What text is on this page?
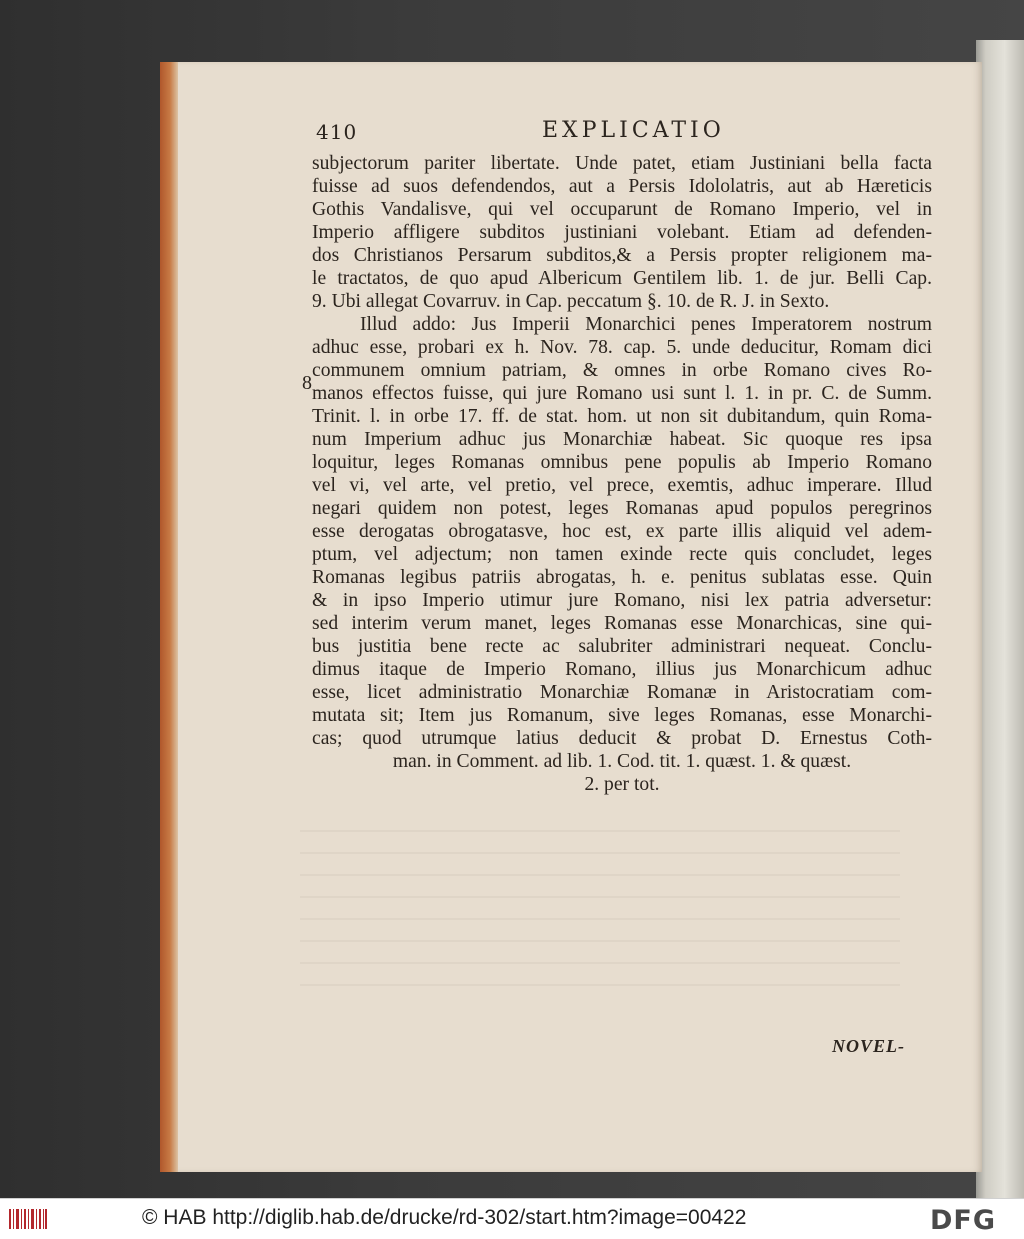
410	EXPLICATIO
8
subjectorum pariter libertate. Unde patet, etiam Justiniani bella facta
fuisse ad suos defendendos, aut a Persis Idololatris, aut ab Hæreticis
Gothis Vandalisve, qui vel occuparunt de Romano Imperio, vel in
Imperio affligere subditos justiniani volebant. Etiam ad defenden-
dos Christianos Persarum subditos,& a Persis propter religionem ma-
le tractatos, de quo apud Albericum Gentilem lib. 1. de jur. Belli Cap.
9. Ubi allegat Covarruv. in Cap. peccatum §. 10. de R. J. in Sexto.
Illud addo: Jus Imperii Monarchici penes Imperatorem nostrum
adhuc esse, probari ex h. Nov. 78. cap. 5. unde deducitur, Romam dici
communem omnium patriam, & omnes in orbe Romano cives Ro-
manos effectos fuisse, qui jure Romano usi sunt l. 1. in pr. C. de Summ.
Trinit. l. in orbe 17. ff. de stat. hom. ut non sit dubitandum, quin Roma-
num Imperium adhuc jus Monarchiæ habeat. Sic quoque res ipsa
loquitur, leges Romanas omnibus pene populis ab Imperio Romano
vel vi, vel arte, vel pretio, vel prece, exemtis, adhuc imperare. Illud
negari quidem non potest, leges Romanas apud populos peregrinos
esse derogatas obrogatasve, hoc est, ex parte illis aliquid vel adem-
ptum, vel adjectum; non tamen exinde recte quis concludet, leges
Romanas legibus patriis abrogatas, h. e. penitus sublatas esse. Quin
& in ipso Imperio utimur jure Romano, nisi lex patria adversetur:
sed interim verum manet, leges Romanas esse Monarchicas, sine qui-
bus justitia bene recte ac salubriter administrari nequeat. Conclu-
dimus itaque de Imperio Romano, illius jus Monarchicum adhuc
esse, licet administratio Monarchiæ Romanæ in Aristocratiam com-
mutata sit; Item jus Romanum, sive leges Romanas, esse Monarchi-
cas; quod utrumque latius deducit & probat D. Ernestus Coth-
man. in Comment. ad lib. 1. Cod. tit. 1. quæst. 1. & quæst.
2. per tot.
NOVEL-
© HAB http://diglib.hab.de/drucke/rd-302/start.htm?image=00422	DFG
